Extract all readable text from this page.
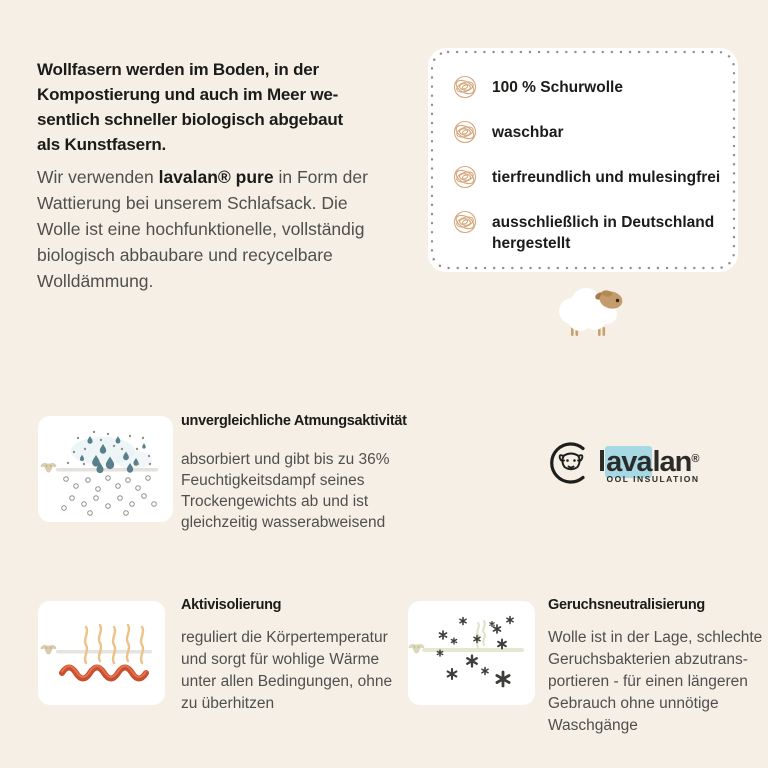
Wollfasern werden im Boden, in der
Kompostierung und auch im Meer we-
sentlich schneller biologisch abgebaut
als Kunstfasern.

Wir verwenden lavalan® pure in Form der Wattierung bei unserem Schlafsack. Die Wolle ist eine hochfunktionelle, vollständig biologisch abbaubare und recycelbare Wolldämmung.

100 % Schurwolle
waschbar
tierfreundlich und mulesingfrei
ausschließlich in Deutschland hergestellt
unvergleichliche Atmungsaktivität
absorbiert und gibt bis zu 36%
Feuchtigkeitsdampf seines
Trockengewichts ab und ist
gleichzeitig wasserabweisend
lavalan®
OOL INSULATION
Aktivisolierung
reguliert die Körpertemperatur
und sorgt für wohlige Wärme
unter allen Bedingungen, ohne
zu überhitzen
Geruchsneutralisierung
Wolle ist in der Lage, schlechte
Geruchsbakterien abzutrans-
portieren - für einen längeren
Gebrauch ohne unnötige
Waschgänge
